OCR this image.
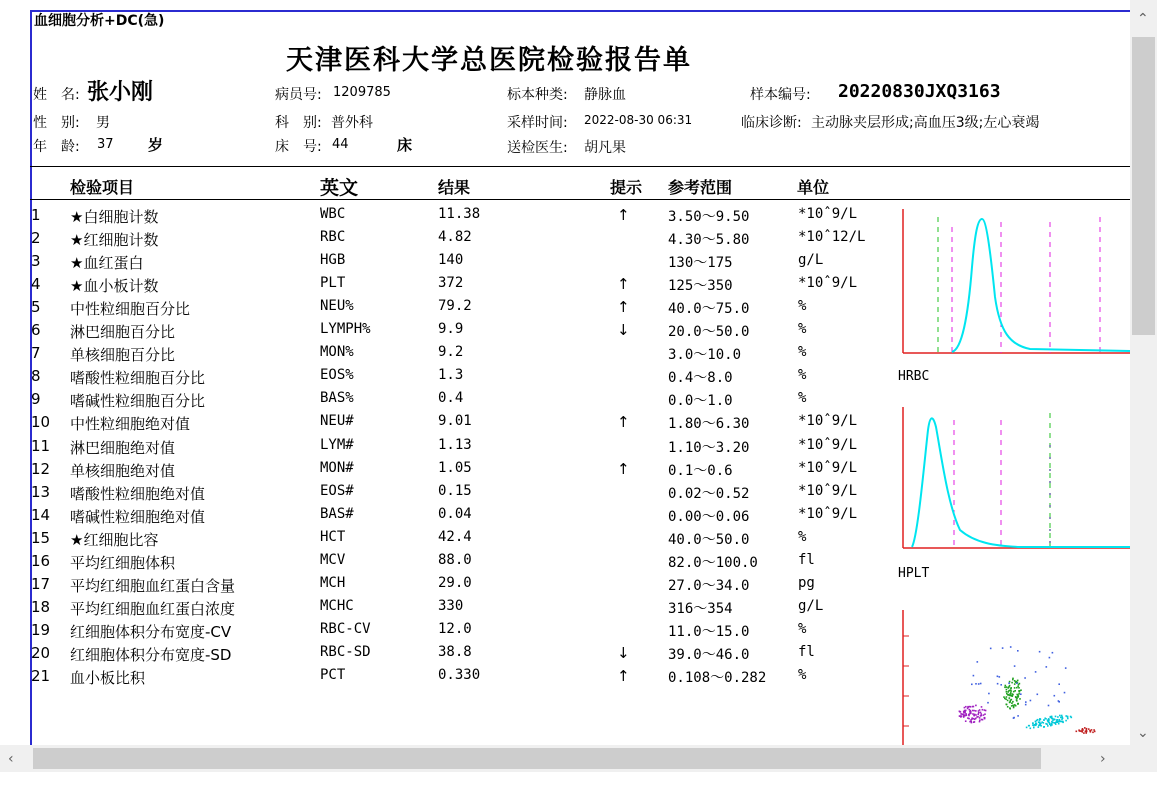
血细胞分析+DC(急)
天津医科大学总医院检验报告单
姓　名: 张小刚
性　别: 男
年　龄: 37 岁
病员号: 1209785
科　别: 普外科
床　号: 44	床
标本种类: 静脉血
采样时间: 2022-08-30 06:31
送检医生: 胡凡果
样本编号: 20220830JXQ3163
临床诊断: 主动脉夹层形成;高血压3级;左心衰竭
检验项目	英文	结果	提示 参考范围	单位
1 ★白细胞计数	WBC	11.38	↑	3.50～9.50	*10ˆ9/L
2 ★红细胞计数	RBC	4.82	4.30～5.80	*10ˆ12/L
3 ★血红蛋白	HGB	140	130～175	g/L
4 ★血小板计数	PLT	372	↑	125～350	*10ˆ9/L
5 中性粒细胞百分比	NEU%	79.2	↑	40.0～75.0	%
6 淋巴细胞百分比	LYMPH%	9.9	↓	20.0～50.0	%
7 单核细胞百分比	MON%	9.2	3.0～10.0	%
8 嗜酸性粒细胞百分比	EOS%	1.3	0.4～8.0	%
9 嗜碱性粒细胞百分比	BAS%	0.4	0.0～1.0	%
10 中性粒细胞绝对值	NEU#	9.01	↑	1.80～6.30	*10ˆ9/L
11 淋巴细胞绝对值	LYM#	1.13	1.10～3.20	*10ˆ9/L
12 单核细胞绝对值	MON#	1.05	↑	0.1～0.6	*10ˆ9/L
13 嗜酸性粒细胞绝对值	EOS#	0.15	0.02～0.52	*10ˆ9/L
14 嗜碱性粒细胞绝对值	BAS#	0.04	0.00～0.06	*10ˆ9/L
15 ★红细胞比容	HCT	42.4	40.0～50.0	%
16 平均红细胞体积	MCV	88.0	82.0～100.0	fl
17 平均红细胞血红蛋白含量	MCH	29.0	27.0～34.0	pg
18 平均红细胞血红蛋白浓度	MCHC	330	316～354	g/L
19 红细胞体积分布宽度-CV	RBC-CV	12.0	11.0～15.0	%
20 红细胞体积分布宽度-SD	RBC-SD	38.8	↓	39.0～46.0	fl
21 血小板比积	PCT	0.330	↑	0.108～0.282 %
HRBC
HPLT
⌃
⌄
‹	›
